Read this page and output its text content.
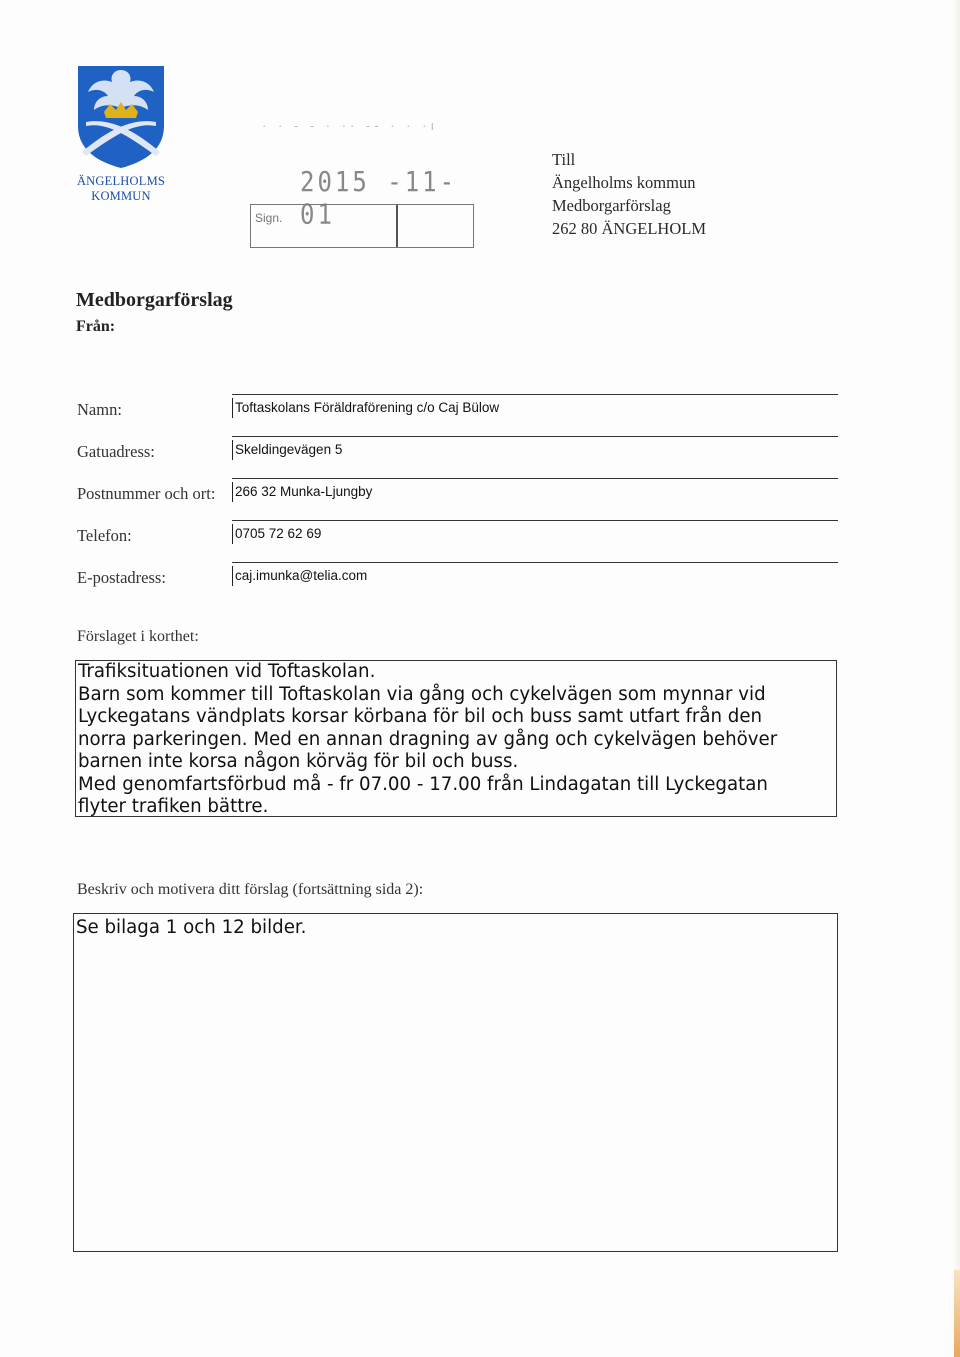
ÄNGELHOLMS
KOMMUN
· · - - · ·· -- · · ·ı
2015 -11- 01
Sign.
Till
Ängelholms kommun
Medborgarförslag
262 80 ÄNGELHOLM
Medborgarförslag
Från:
Namn:	Toftaskolans Föräldraförening c/o Caj Bülow
Gatuadress:	Skeldingevägen 5
Postnummer och ort: 266 32 Munka-Ljungby
Telefon:	0705 72 62 69
E-postadress:	caj.imunka@telia.com
Förslaget i korthet:
Trafiksituationen vid Toftaskolan.
Barn som kommer till Toftaskolan via gång och cykelvägen som mynnar vid
Lyckegatans vändplats korsar körbana för bil och buss samt utfart från den
norra parkeringen. Med en annan dragning av gång och cykelvägen behöver
barnen inte korsa någon körväg för bil och buss.
Med genomfartsförbud må - fr 07.00 - 17.00 från Lindagatan till Lyckegatan
flyter trafiken bättre.
Beskriv och motivera ditt förslag (fortsättning sida 2):
Se bilaga 1 och 12 bilder.
